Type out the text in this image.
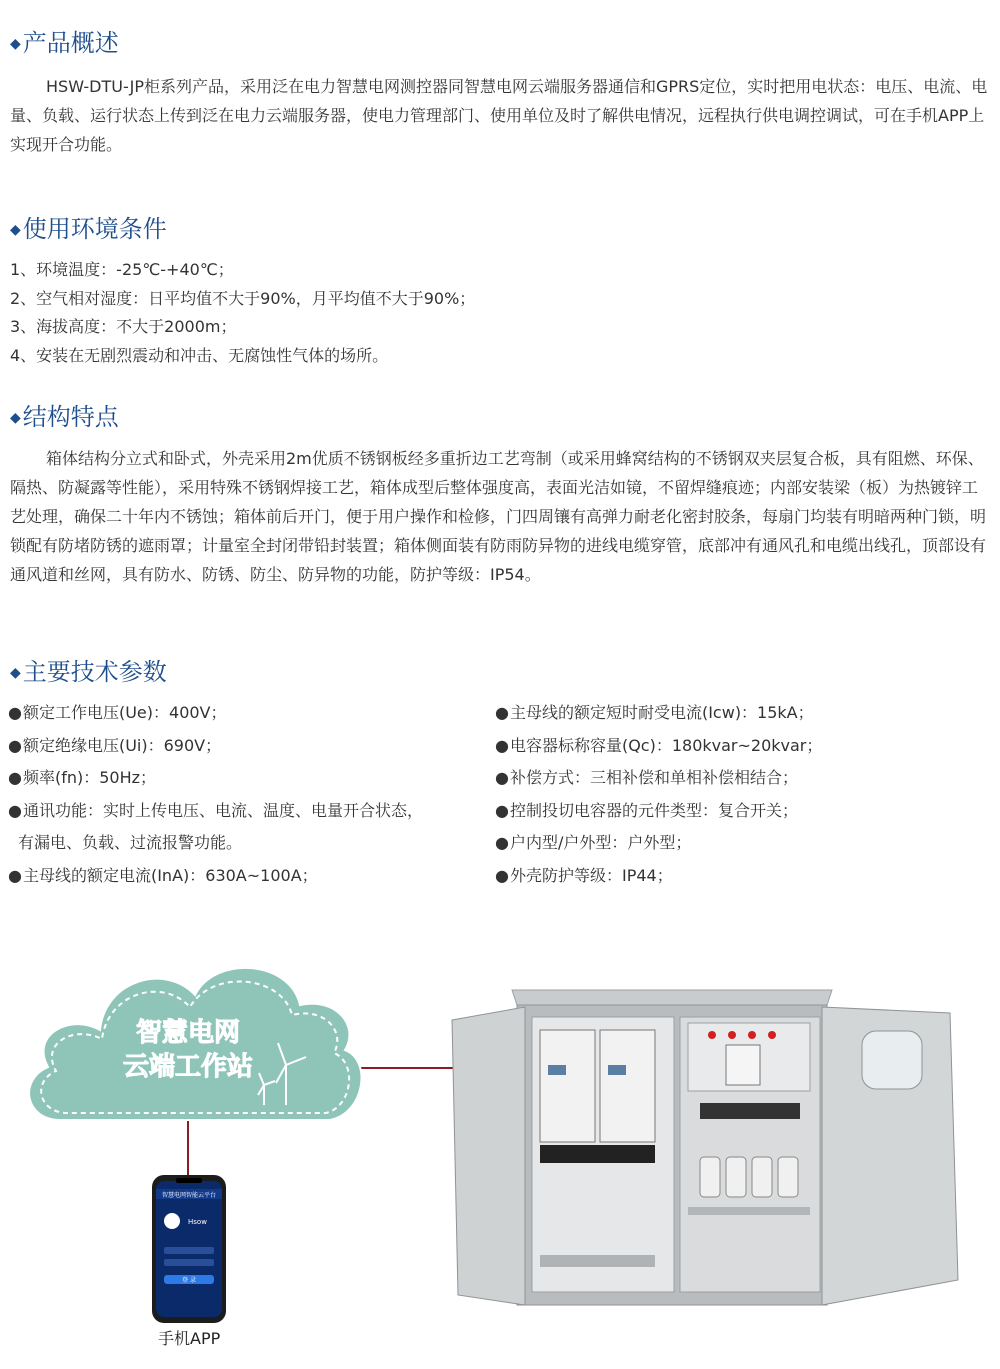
◆产品概述

HSW-DTU-JP柜系列产品，采用泛在电力智慧电网测控器同智慧电网云端服务器通信和GPRS定位，实时把用电状态：电压、电流、电量、负载、运行状态上传到泛在电力云端服务器，使电力管理部门、使用单位及时了解供电情况，远程执行供电调控调试，可在手机APP上实现开合功能。

◆使用环境条件
1、环境温度：-25℃-+40℃；
2、空气相对湿度：日平均值不大于90%，月平均值不大于90%；
3、海拔高度：不大于2000m；
4、安装在无剧烈震动和冲击、无腐蚀性气体的场所。
◆结构特点

箱体结构分立式和卧式，外壳采用2m优质不锈钢板经多重折边工艺弯制（或采用蜂窝结构的不锈钢双夹层复合板，具有阻燃、环保、隔热、防凝露等性能），采用特殊不锈钢焊接工艺，箱体成型后整体强度高，表面光洁如镜，不留焊缝痕迹；内部安装梁（板）为热镀锌工艺处理，确保二十年内不锈蚀；箱体前后开门，便于用户操作和检修，门四周镶有高弹力耐老化密封胶条，每扇门均装有明暗两种门锁，明锁配有防堵防锈的遮雨罩；计量室全封闭带铅封装置；箱体侧面装有防雨防异物的进线电缆穿管，底部冲有通风孔和电缆出线孔，顶部设有通风道和丝网，具有防水、防锈、防尘、防异物的功能，防护等级：IP54。

◆主要技术参数
●额定工作电压(Ue)：400V；
●额定绝缘电压(Ui)：690V；
●频率(fn)：50Hz；
●通讯功能：实时上传电压、电流、温度、电量开合状态，
有漏电、负载、过流报警功能。
●主母线的额定电流(InA)：630A~100A；
●主母线的额定短时耐受电流(Icw)：15kA；
●电容器标称容量(Qc)：180kvar~20kvar；
●补偿方式：三相补偿和单相补偿相结合；
●控制投切电容器的元件类型：复合开关；
●户内型/户外型：户外型；
●外壳防护等级：IP44；
智慧电网
云端工作站
智慧电网智能云平台
Hsow
登 录
手机APP
